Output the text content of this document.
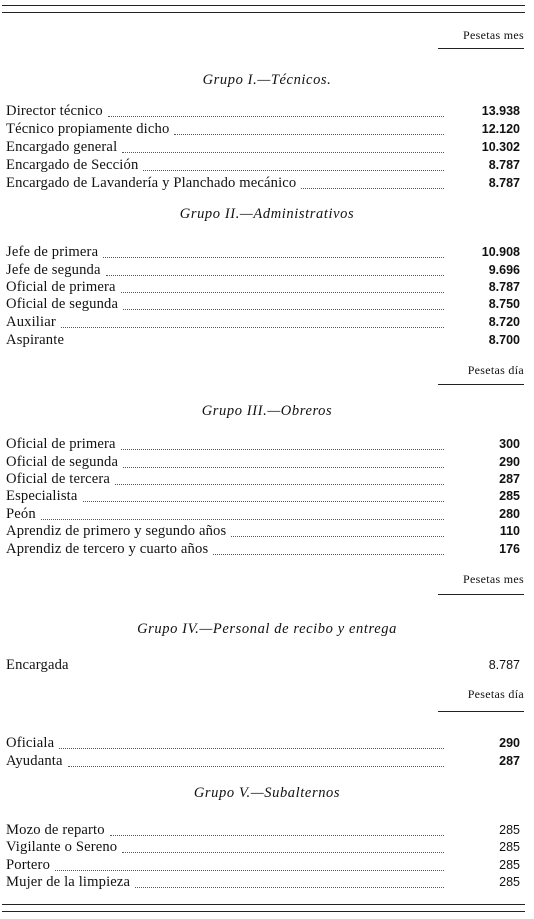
Pesetas mes
Grupo I.—Técnicos.
Director técnico	13.938
Técnico propiamente dicho	12.120
Encargado general	10.302
Encargado de Sección	8.787
Encargado de Lavandería y Planchado mecánico	8.787
Grupo II.—Administrativos
Jefe de primera	10.908
Jefe de segunda	9.696
Oficial de primera	8.787
Oficial de segunda	8.750
Auxiliar	8.720
Aspirante	8.700
Pesetas día
Grupo III.—Obreros
Oficial de primera	300
Oficial de segunda	290
Oficial de tercera	287
Especialista	285
Peón	280
Aprendiz de primero y segundo años	110
Aprendiz de tercero y cuarto años	176
Pesetas mes
Grupo IV.—Personal de recibo y entrega
Encargada	8.787
Pesetas día
Oficiala	290
Ayudanta	287
Grupo V.—Subalternos
Mozo de reparto	285
Vigilante o Sereno	285
Portero	285
Mujer de la limpieza	285
